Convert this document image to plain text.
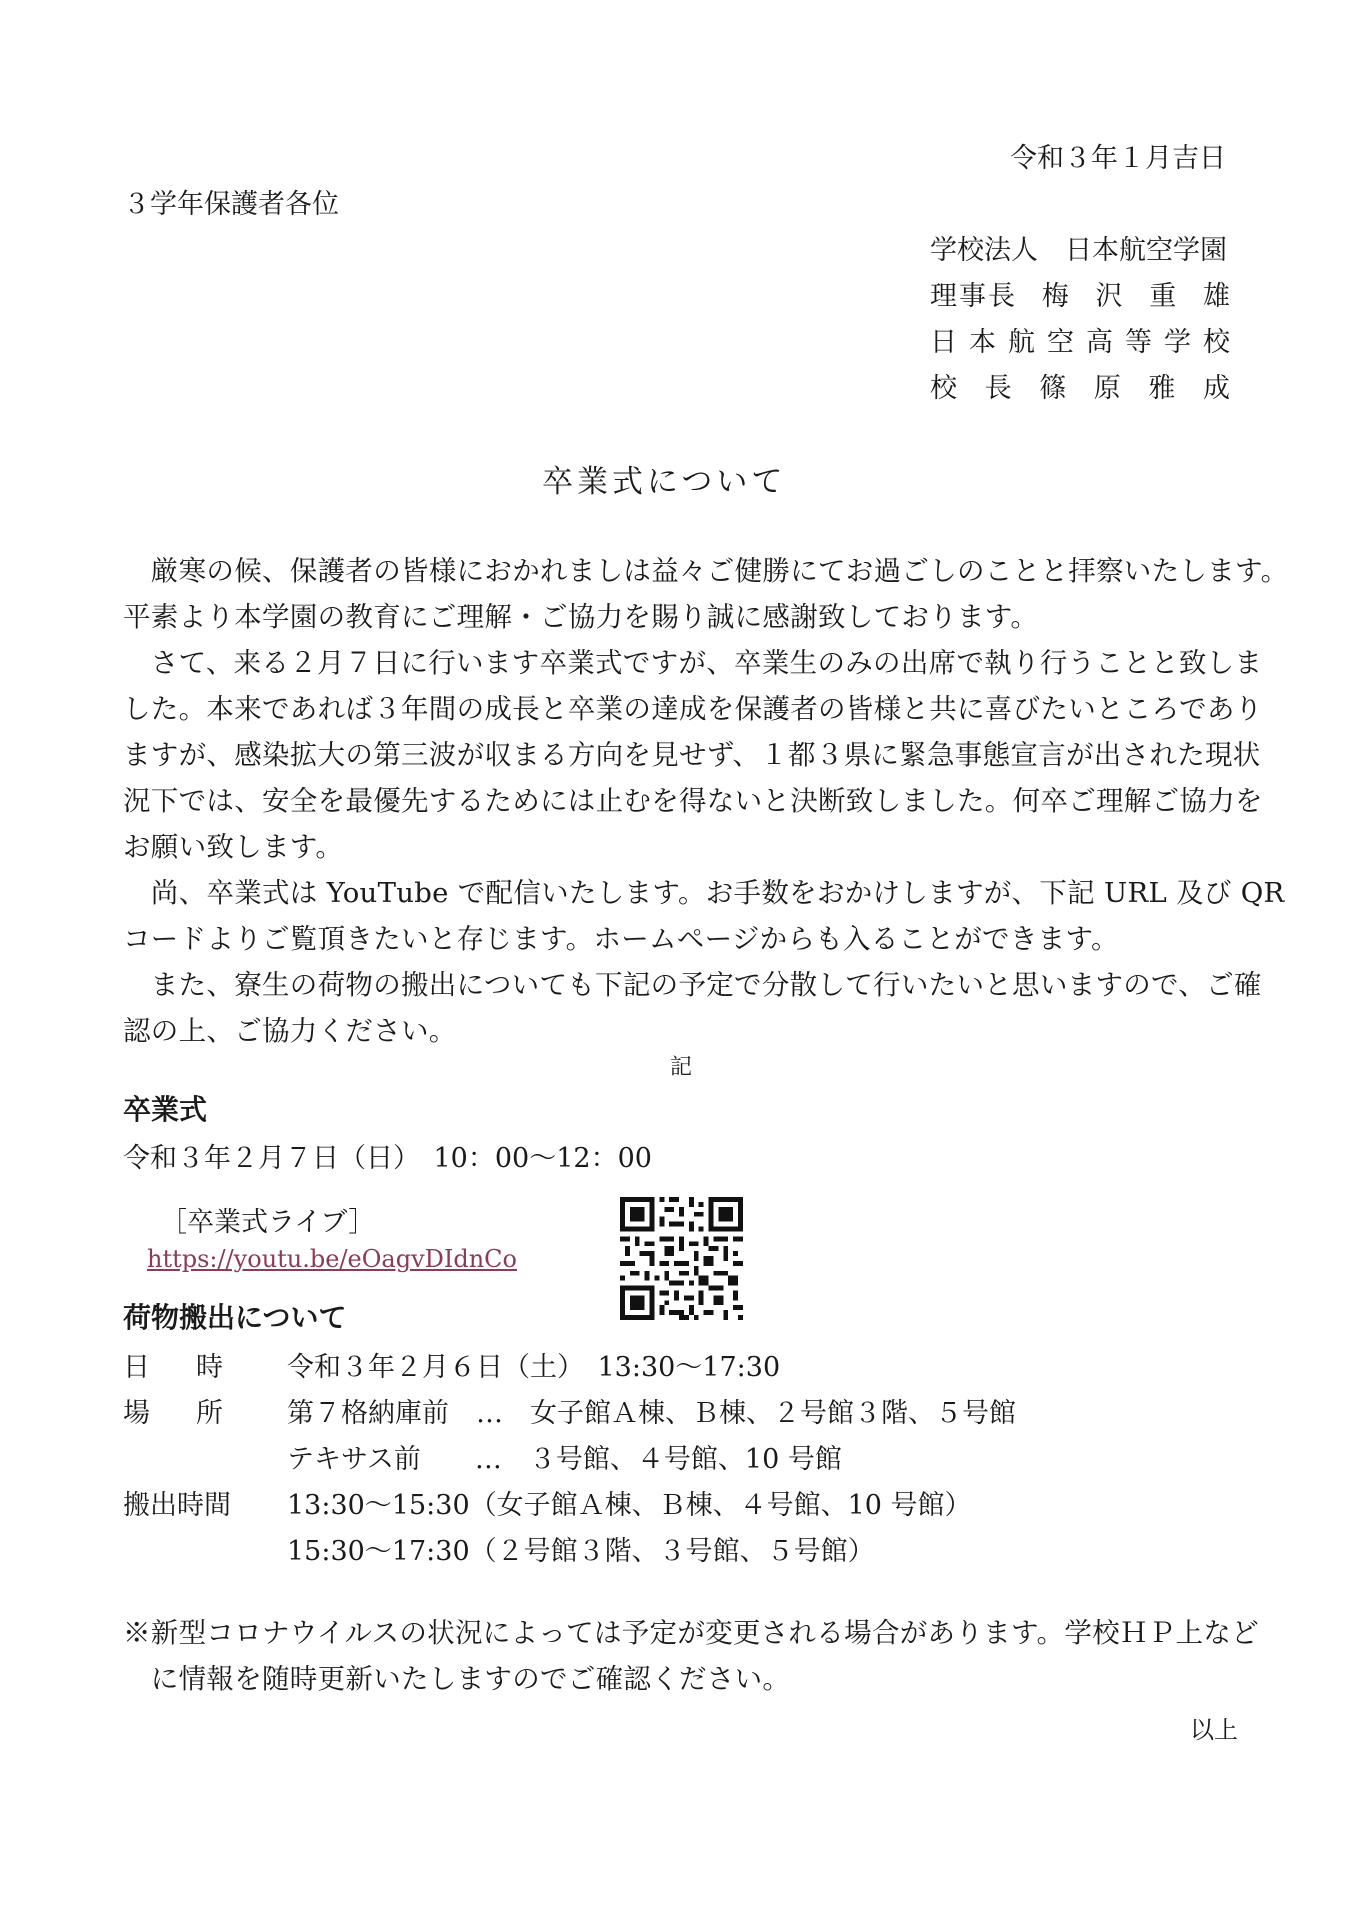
令和３年１月吉日
３学年保護者各位
学校法人　日本航空学園
理 事 長 梅 沢 重 雄
日 本 航 空 高 等 学 校
校 長 篠 原 雅 成
卒業式について
　厳寒の候、保護者の皆様におかれましは益々ご健勝にてお過ごしのことと拝察いたします。
平素より本学園の教育にご理解・ご協力を賜り誠に感謝致しております。
　さて、来る２月７日に行います卒業式ですが、卒業生のみの出席で執り行うことと致しま
した。本来であれば３年間の成長と卒業の達成を保護者の皆様と共に喜びたいところであり
ますが、感染拡大の第三波が収まる方向を見せず、１都３県に緊急事態宣言が出された現状
況下では、安全を最優先するためには止むを得ないと決断致しました。何卒ご理解ご協力を
お願い致します。
　尚、卒業式は YouTube で配信いたします。お手数をおかけしますが、下記 URL 及び QR
コードよりご覧頂きたいと存じます。ホームページからも入ることができます。
　また、寮生の荷物の搬出についても下記の予定で分散して行いたいと思いますので、ご確
認の上、ご協力ください。
記
卒業式
令和３年２月７日（日）　10：00～12：00
［卒業式ライブ］
https://youtu.be/eOagvDIdnCo
荷物搬出について
日 時 令和３年２月６日（土）　13:30～17:30
場 所 第７格納庫前　…　女子館Ａ棟、Ｂ棟、２号館３階、５号館
テキサス前　　…　３号館、４号館、10 号館
搬出時間 13:30～15:30（女子館Ａ棟、Ｂ棟、４号館、10 号館）
15:30～17:30（２号館３階、３号館、５号館）
※新型コロナウイルスの状況によっては予定が変更される場合があります。学校ＨＰ上など
　に情報を随時更新いたしますのでご確認ください。
以上
